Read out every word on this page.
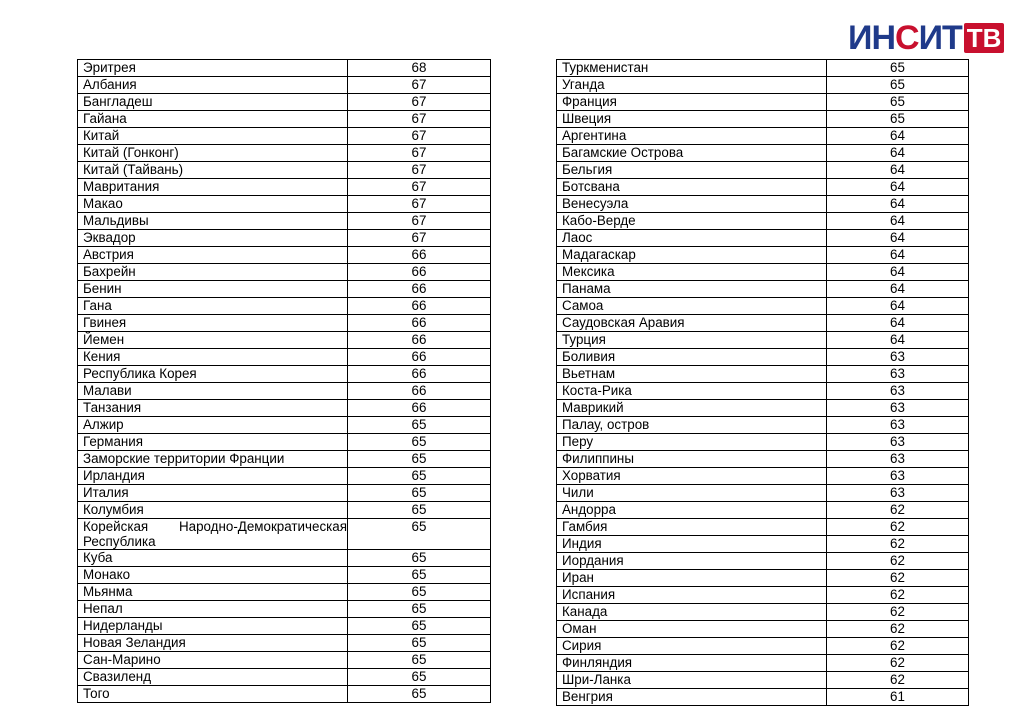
ИНСИТ ТВ
Эритрея	68
Албания	67
Бангладеш	67
Гайана	67
Китай	67
Китай (Гонконг)	67
Китай (Тайвань)	67
Мавритания	67
Макао	67
Мальдивы	67
Эквадор	67
Австрия	66
Бахрейн	66
Бенин	66
Гана	66
Гвинея	66
Йемен	66
Кения	66
Республика Корея	66
Малави	66
Танзания	66
Алжир	65
Германия	65
Заморские территории Франции	65
Ирландия	65
Италия	65
Колумбия	65
Корейская Народно-Демократическая Республика	65
Куба	65
Монако	65
Мьянма	65
Непал	65
Нидерланды	65
Новая Зеландия	65
Сан-Марино	65
Свазиленд	65
Того	65
Туркменистан	65
Уганда	65
Франция	65
Швеция	65
Аргентина	64
Багамские Острова	64
Бельгия	64
Ботсвана	64
Венесуэла	64
Кабо-Верде	64
Лаос	64
Мадагаскар	64
Мексика	64
Панама	64
Самоа	64
Саудовская Аравия	64
Турция	64
Боливия	63
Вьетнам	63
Коста-Рика	63
Маврикий	63
Палау, остров	63
Перу	63
Филиппины	63
Хорватия	63
Чили	63
Андорра	62
Гамбия	62
Индия	62
Иордания	62
Иран	62
Испания	62
Канада	62
Оман	62
Сирия	62
Финляндия	62
Шри-Ланка	62
Венгрия	61
